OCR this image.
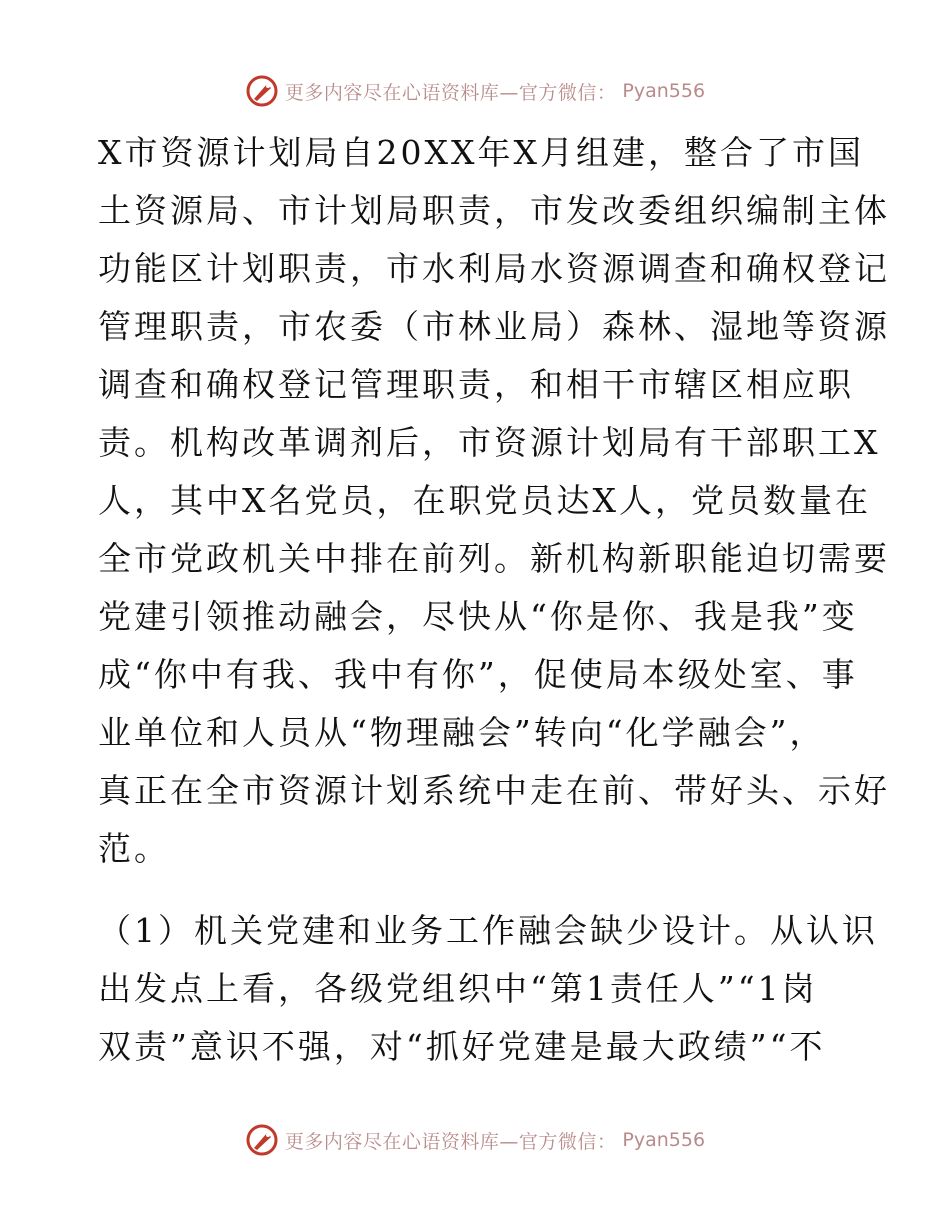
更多内容尽在心语资料库—官方微信： Pyan556

X市资源计划局自20XX年X月组建，整合了市国
土资源局、市计划局职责，市发改委组织编制主体
功能区计划职责，市水利局水资源调查和确权登记
管理职责，市农委（市林业局）森林、湿地等资源
调查和确权登记管理职责，和相干市辖区相应职
责。机构改革调剂后，市资源计划局有干部职工X
人，其中X名党员，在职党员达X人，党员数量在
全市党政机关中排在前列。新机构新职能迫切需要
党建引领推动融会，尽快从“你是你、我是我”变
成“你中有我、我中有你”，促使局本级处室、事
业单位和人员从“物理融会”转向“化学融会”，
真正在全市资源计划系统中走在前、带好头、示好
范。

（1）机关党建和业务工作融会缺少设计。从认识
出发点上看，各级党组织中“第1责任人”“1岗
双责”意识不强，对“抓好党建是最大政绩”“不

更多内容尽在心语资料库—官方微信： Pyan556
